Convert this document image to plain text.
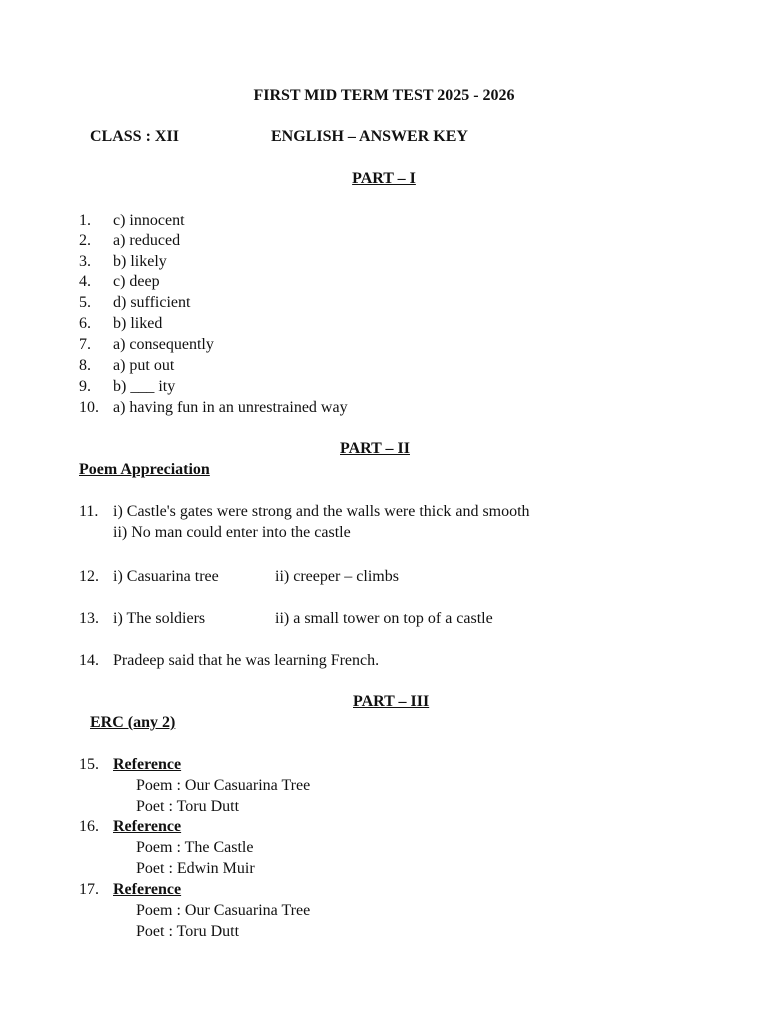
FIRST MID TERM TEST 2025 - 2026
CLASS : XII	ENGLISH – ANSWER KEY
PART – I
1. c) innocent
2. a) reduced
3. b) likely
4. c) deep
5. d) sufficient
6. b) liked
7. a) consequently
8. a) put out
9. b) ___ ity
10. a) having fun in an unrestrained way
PART – II
Poem Appreciation
11. i) Castle's gates were strong and the walls were thick and smooth
ii) No man could enter into the castle
12. i) Casuarina tree	ii) creeper – climbs
13. i) The soldiers	ii) a small tower on top of a castle
14. Pradeep said that he was learning French.
PART – III
ERC (any 2)
15. Reference
Poem : Our Casuarina Tree
Poet : Toru Dutt
16. Reference
Poem : The Castle
Poet : Edwin Muir
17. Reference
Poem : Our Casuarina Tree
Poet : Toru Dutt
